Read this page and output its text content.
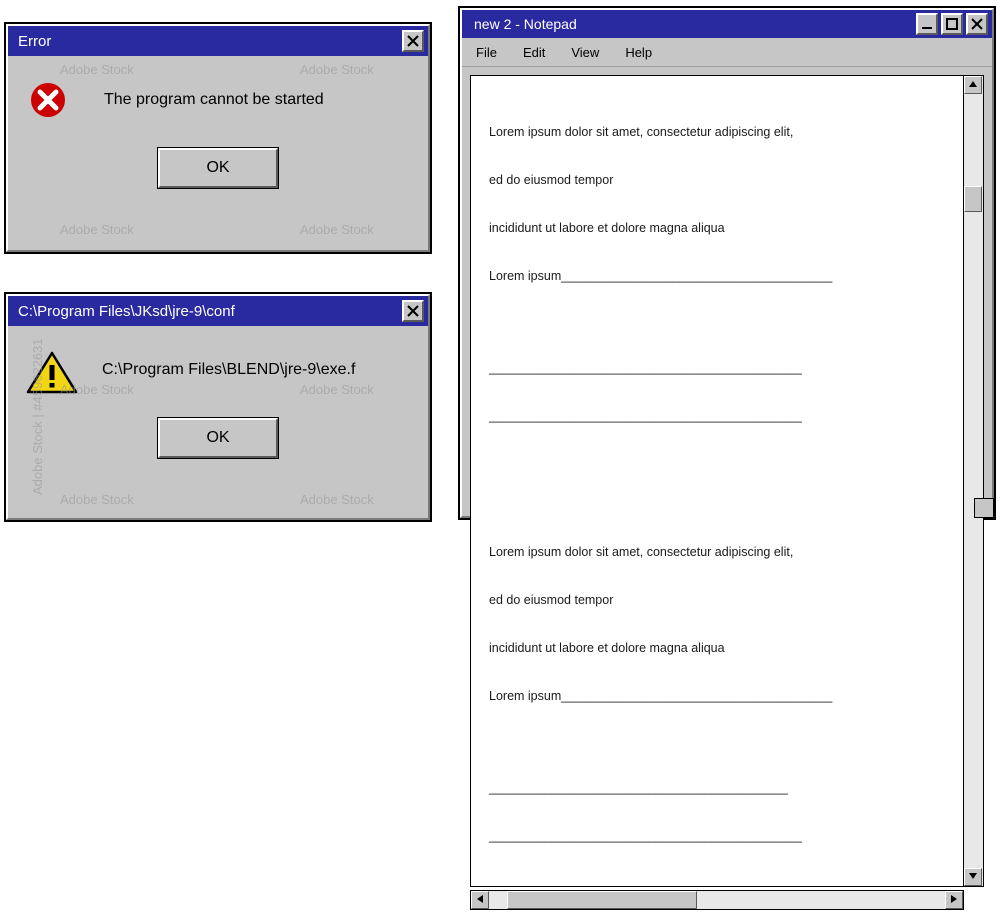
Error
The program cannot be started
OK
C:\Program Files\JKsd\jre-9\conf
C:\Program Files\BLEND\jre-9\exe.f
OK
new 2 - Notepad
File Edit View Help

Lorem ipsum dolor sit amet, consectetur adipiscing elit,

ed do eiusmod tempor

incididunt ut labore et dolore magna aliqua

Lorem ipsum_______________________________________

_____________________________________________

_____________________________________________

Lorem ipsum dolor sit amet, consectetur adipiscing elit,

ed do eiusmod tempor

incididunt ut labore et dolore magna aliqua

Lorem ipsum_______________________________________

___________________________________________

_____________________________________________

Adobe Stock | #459622631
Adobe Stock	Adobe Stock
Adobe Stock	Adobe Stock
Adobe Stock	Adobe Stock
Adobe Stock	Adobe Stock
